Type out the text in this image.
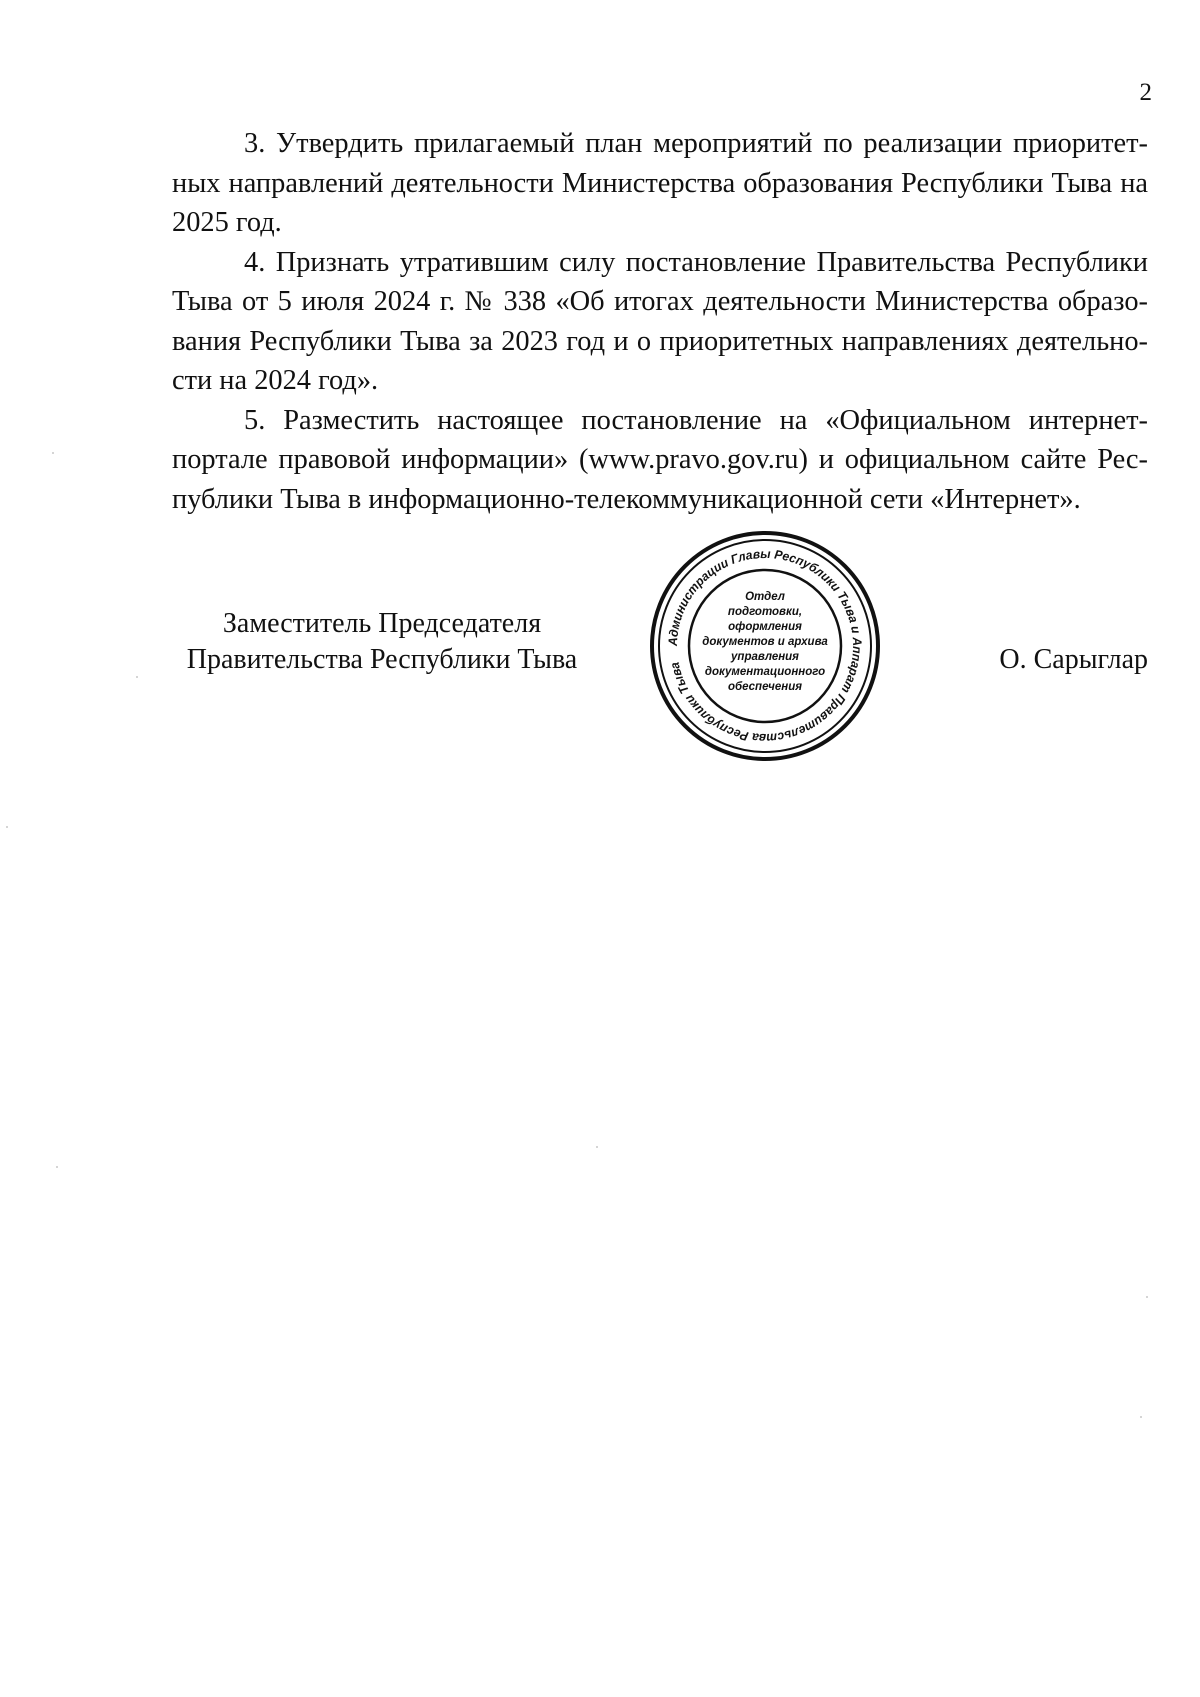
2

3. Утвердить прилагаемый план мероприятий по реализации приоритетных направлений деятельности Министерства образования Республики Тыва на 2025 год.

4. Признать утратившим силу постановление Правительства Республики Тыва от 5 июля 2024 г. № 338 «Об итогах деятельности Министерства образования Республики Тыва за 2023 год и о приоритетных направлениях деятельности на 2024 год».

5. Разместить настоящее постановление на «Официальном интернет-портале правовой информации» (www.pravo.gov.ru) и официальном сайте Республики Тыва в информационно-телекоммуникационной сети «Интернет».

Заместитель Председателя
Правительства Республики Тыва
Администрации Главы Республики Тыва и Аппарат Правительства Республики Тыва
Отдел
подготовки,
оформления
документов и архива
управления
документационного
обеспечения
О. Сарыглар
